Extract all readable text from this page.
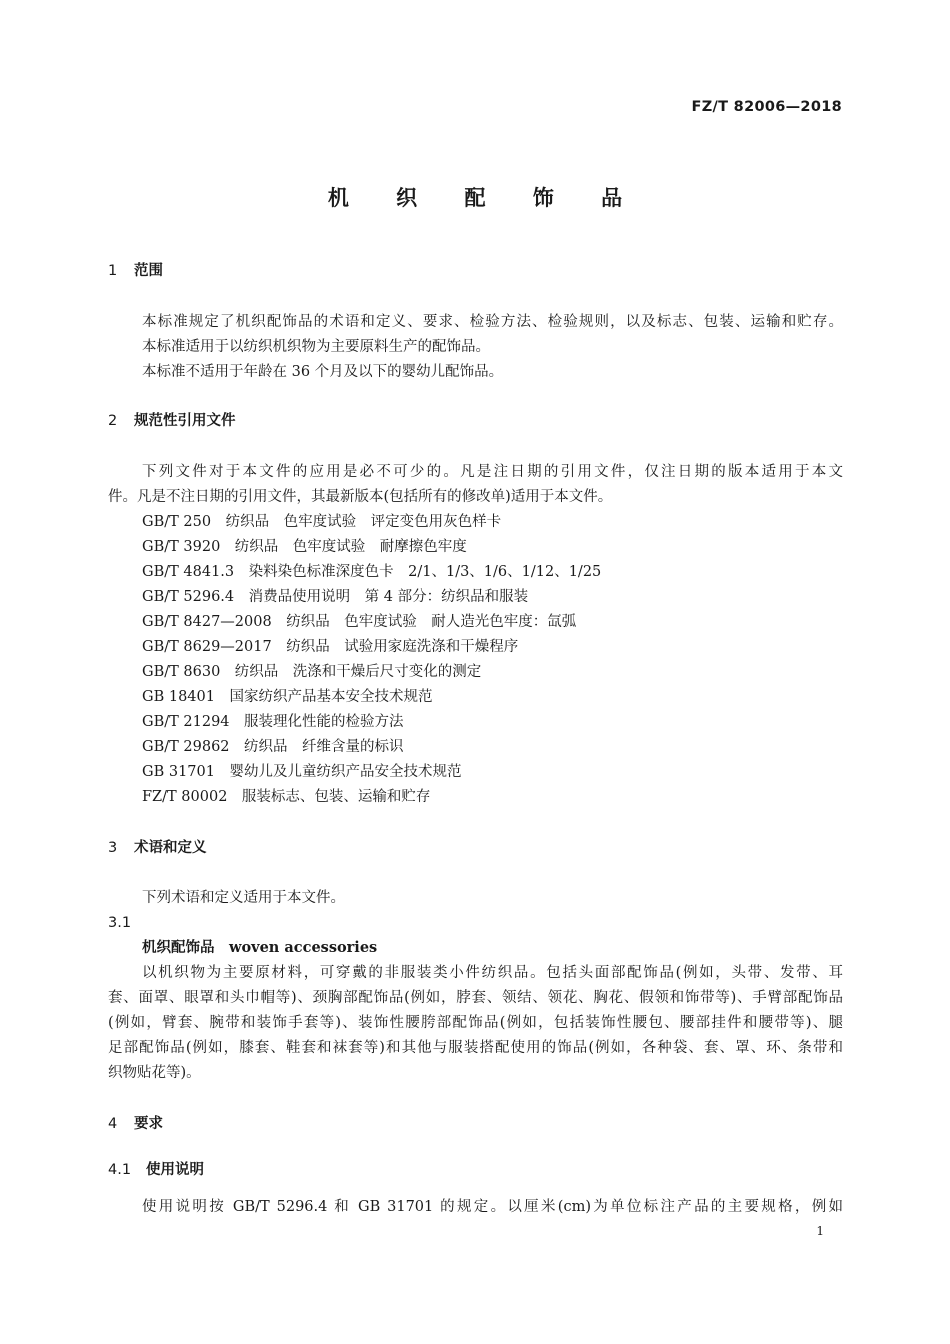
FZ/T 82006—2018
机 织 配 饰 品
1 范围
本标准规定了机织配饰品的术语和定义、要求、检验方法、检验规则，以及标志、包装、运输和贮存。
本标准适用于以纺织机织物为主要原料生产的配饰品。
本标准不适用于年龄在 36 个月及以下的婴幼儿配饰品。
2 规范性引用文件
下列文件对于本文件的应用是必不可少的。凡是注日期的引用文件，仅注日期的版本适用于本文
件。凡是不注日期的引用文件，其最新版本(包括所有的修改单)适用于本文件。
GB/T 250　纺织品　色牢度试验　评定变色用灰色样卡
GB/T 3920　纺织品　色牢度试验　耐摩擦色牢度
GB/T 4841.3　染料染色标准深度色卡　2/1、1/3、1/6、1/12、1/25
GB/T 5296.4　消费品使用说明　第 4 部分：纺织品和服装
GB/T 8427—2008　纺织品　色牢度试验　耐人造光色牢度：氙弧
GB/T 8629—2017　纺织品　试验用家庭洗涤和干燥程序
GB/T 8630　纺织品　洗涤和干燥后尺寸变化的测定
GB 18401　国家纺织产品基本安全技术规范
GB/T 21294　服装理化性能的检验方法
GB/T 29862　纺织品　纤维含量的标识
GB 31701　婴幼儿及儿童纺织产品安全技术规范
FZ/T 80002　服装标志、包装、运输和贮存
3 术语和定义
下列术语和定义适用于本文件。
3.1
机织配饰品　 woven accessories
以机织物为主要原材料，可穿戴的非服装类小件纺织品。包括头面部配饰品(例如，头带、发带、耳
套、面罩、眼罩和头巾帽等)、颈胸部配饰品(例如，脖套、领结、领花、胸花、假领和饰带等)、手臂部配饰品
(例如，臂套、腕带和装饰手套等)、装饰性腰胯部配饰品(例如，包括装饰性腰包、腰部挂件和腰带等)、腿
足部配饰品(例如，膝套、鞋套和袜套等)和其他与服装搭配使用的饰品(例如，各种袋、套、罩、环、条带和
织物贴花等)。
4 要求
4.1 使用说明
使用说明按 GB/T 5296.4 和 GB 31701 的规定。以厘米(cm)为单位标注产品的主要规格，例如
1
